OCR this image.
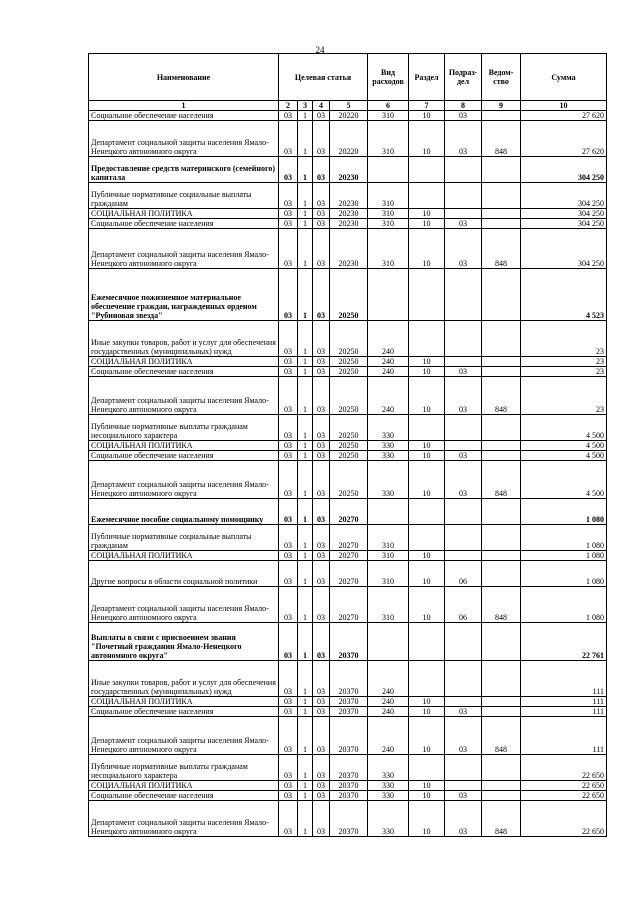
24
Наименование	Целевая статья				Вид расходов	Раздел	Подраз-дел	Ведом-ство	Сумма
1	2	3	4	5	6	7	8	9	10
Социальное обеспечение населения	03	1	03	20220	310	10	03		27 620
Департамент социальной защиты населения Ямало-Ненецкого автономного округа	03	1	03	20220	310	10	03	848	27 620
Предоставление средств материнского (семейного) капитала	03	1	03	20230					304 250
Публичные нормативные социальные выплаты гражданам	03	1	03	20230	310				304 250
СОЦИАЛЬНАЯ ПОЛИТИКА	03	1	03	20230	310	10			304 250
Социальное обеспечение населения	03	1	03	20230	310	10	03		304 250
Департамент социальной защиты населения Ямало-Ненецкого автономного округа	03	1	03	20230	310	10	03	848	304 250
Ежемесячное пожизненное материальное обеспечение граждан, награжденных орденом "Рубиновая звезда"	03	1	03	20250					4 523
Иные закупки товаров, работ и услуг для обеспечения государственных (муниципальных) нужд	03	1	03	20250	240				23
СОЦИАЛЬНАЯ ПОЛИТИКА	03	1	03	20250	240	10			23
Социальное обеспечение населения	03	1	03	20250	240	10	03		23
Департамент социальной защиты населения Ямало-Ненецкого автономного округа	03	1	03	20250	240	10	03	848	23
Публичные нормативные выплаты гражданам несоциального характера	03	1	03	20250	330				4 500
СОЦИАЛЬНАЯ ПОЛИТИКА	03	1	03	20250	330	10			4 500
Социальное обеспечение населения	03	1	03	20250	330	10	03		4 500
Департамент социальной защиты населения Ямало-Ненецкого автономного округа	03	1	03	20250	330	10	03	848	4 500
Ежемесячное пособие социальному помощнику	03	1	03	20270					1 080
Публичные нормативные социальные выплаты гражданам	03	1	03	20270	310				1 080
СОЦИАЛЬНАЯ ПОЛИТИКА	03	1	03	20270	310	10			1 080
Другие вопросы в области социальной политики	03	1	03	20270	310	10	06		1 080
Департамент социальной защиты населения Ямало-Ненецкого автономного округа	03	1	03	20270	310	10	06	848	1 080
Выплаты в связи с присвоением звания "Почетный гражданин Ямало-Ненецкого автономного округа"	03	1	03	20370					22 761
Иные закупки товаров, работ и услуг для обеспечения государственных (муниципальных) нужд	03	1	03	20370	240				111
СОЦИАЛЬНАЯ ПОЛИТИКА	03	1	03	20370	240	10			111
Социальное обеспечение населения	03	1	03	20370	240	10	03		111
Департамент социальной защиты населения Ямало-Ненецкого автономного округа	03	1	03	20370	240	10	03	848	111
Публичные нормативные выплаты гражданам несоциального характера	03	1	03	20370	330				22 650
СОЦИАЛЬНАЯ ПОЛИТИКА	03	1	03	20370	330	10			22 650
Социальное обеспечение населения	03	1	03	20370	330	10	03		22 650
Департамент социальной защиты населения Ямало-Ненецкого автономного округа	03	1	03	20370	330	10	03	848	22 650
